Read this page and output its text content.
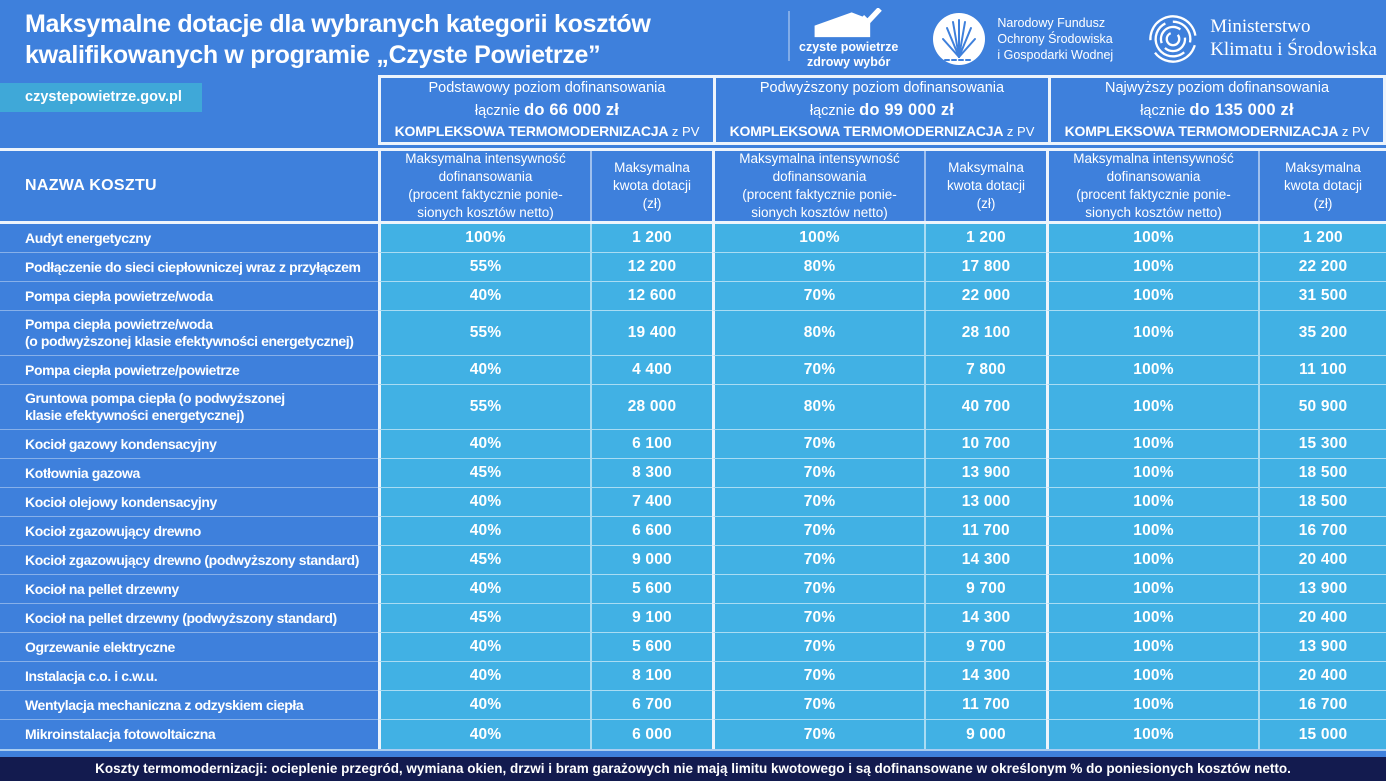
Maksymalne dotacje dla wybranych kategorii kosztów
kwalifikowanych w programie „Czyste Powietrze”	czyste powietrze
zdrowy wybór
Narodowy Fundusz
Ochrony Środowiska
i Gospodarki Wodnej
Ministerstwo
Klimatu i Środowiska
czystepowietrze.gov.pl
Podstawowy poziom dofinansowania
łącznie do 66 000 zł
KOMPLEKSOWA TERMOMODERNIZACJA z PV
Podwyższony poziom dofinansowania
łącznie do 99 000 zł
KOMPLEKSOWA TERMOMODERNIZACJA z PV
Najwyższy poziom dofinansowania
łącznie do 135 000 zł
KOMPLEKSOWA TERMOMODERNIZACJA z PV
NAZWA KOSZTU
Maksymalna intensywność
dofinansowania
(procent faktycznie ponie-
sionych kosztów netto)
Maksymalna
kwota dotacji
(zł)
Maksymalna intensywność
dofinansowania
(procent faktycznie ponie-
sionych kosztów netto)
Maksymalna
kwota dotacji
(zł)
Maksymalna intensywność
dofinansowania
(procent faktycznie ponie-
sionych kosztów netto)
Maksymalna
kwota dotacji
(zł)
Audyt energetyczny	100%	1 200	100%	1 200	100%	1 200
Podłączenie do sieci ciepłowniczej wraz z przyłączem	55%	12 200	80%	17 800	100%	22 200
Pompa ciepła powietrze/woda	40%	12 600	70%	22 000	100%	31 500
Pompa ciepła powietrze/woda
(o podwyższonej klasie efektywności energetycznej)	55%	19 400	80%	28 100	100%	35 200
Pompa ciepła powietrze/powietrze	40%	4 400	70%	7 800	100%	11 100
Gruntowa pompa ciepła (o podwyższonej
klasie efektywności energetycznej)	55%	28 000	80%	40 700	100%	50 900
Kocioł gazowy kondensacyjny	40%	6 100	70%	10 700	100%	15 300
Kotłownia gazowa	45%	8 300	70%	13 900	100%	18 500
Kocioł olejowy kondensacyjny	40%	7 400	70%	13 000	100%	18 500
Kocioł zgazowujący drewno	40%	6 600	70%	11 700	100%	16 700
Kocioł zgazowujący drewno (podwyższony standard)	45%	9 000	70%	14 300	100%	20 400
Kocioł na pellet drzewny	40%	5 600	70%	9 700	100%	13 900
Kocioł na pellet drzewny (podwyższony standard)	45%	9 100	70%	14 300	100%	20 400
Ogrzewanie elektryczne	40%	5 600	70%	9 700	100%	13 900
Instalacja c.o. i c.w.u.	40%	8 100	70%	14 300	100%	20 400
Wentylacja mechaniczna z odzyskiem ciepła	40%	6 700	70%	11 700	100%	16 700
Mikroinstalacja fotowoltaiczna	40%	6 000	70%	9 000	100%	15 000
Koszty termomodernizacji: ocieplenie przegród, wymiana okien, drzwi i bram garażowych nie mają limitu kwotowego i są dofinansowane w określonym % do poniesionych kosztów netto.
